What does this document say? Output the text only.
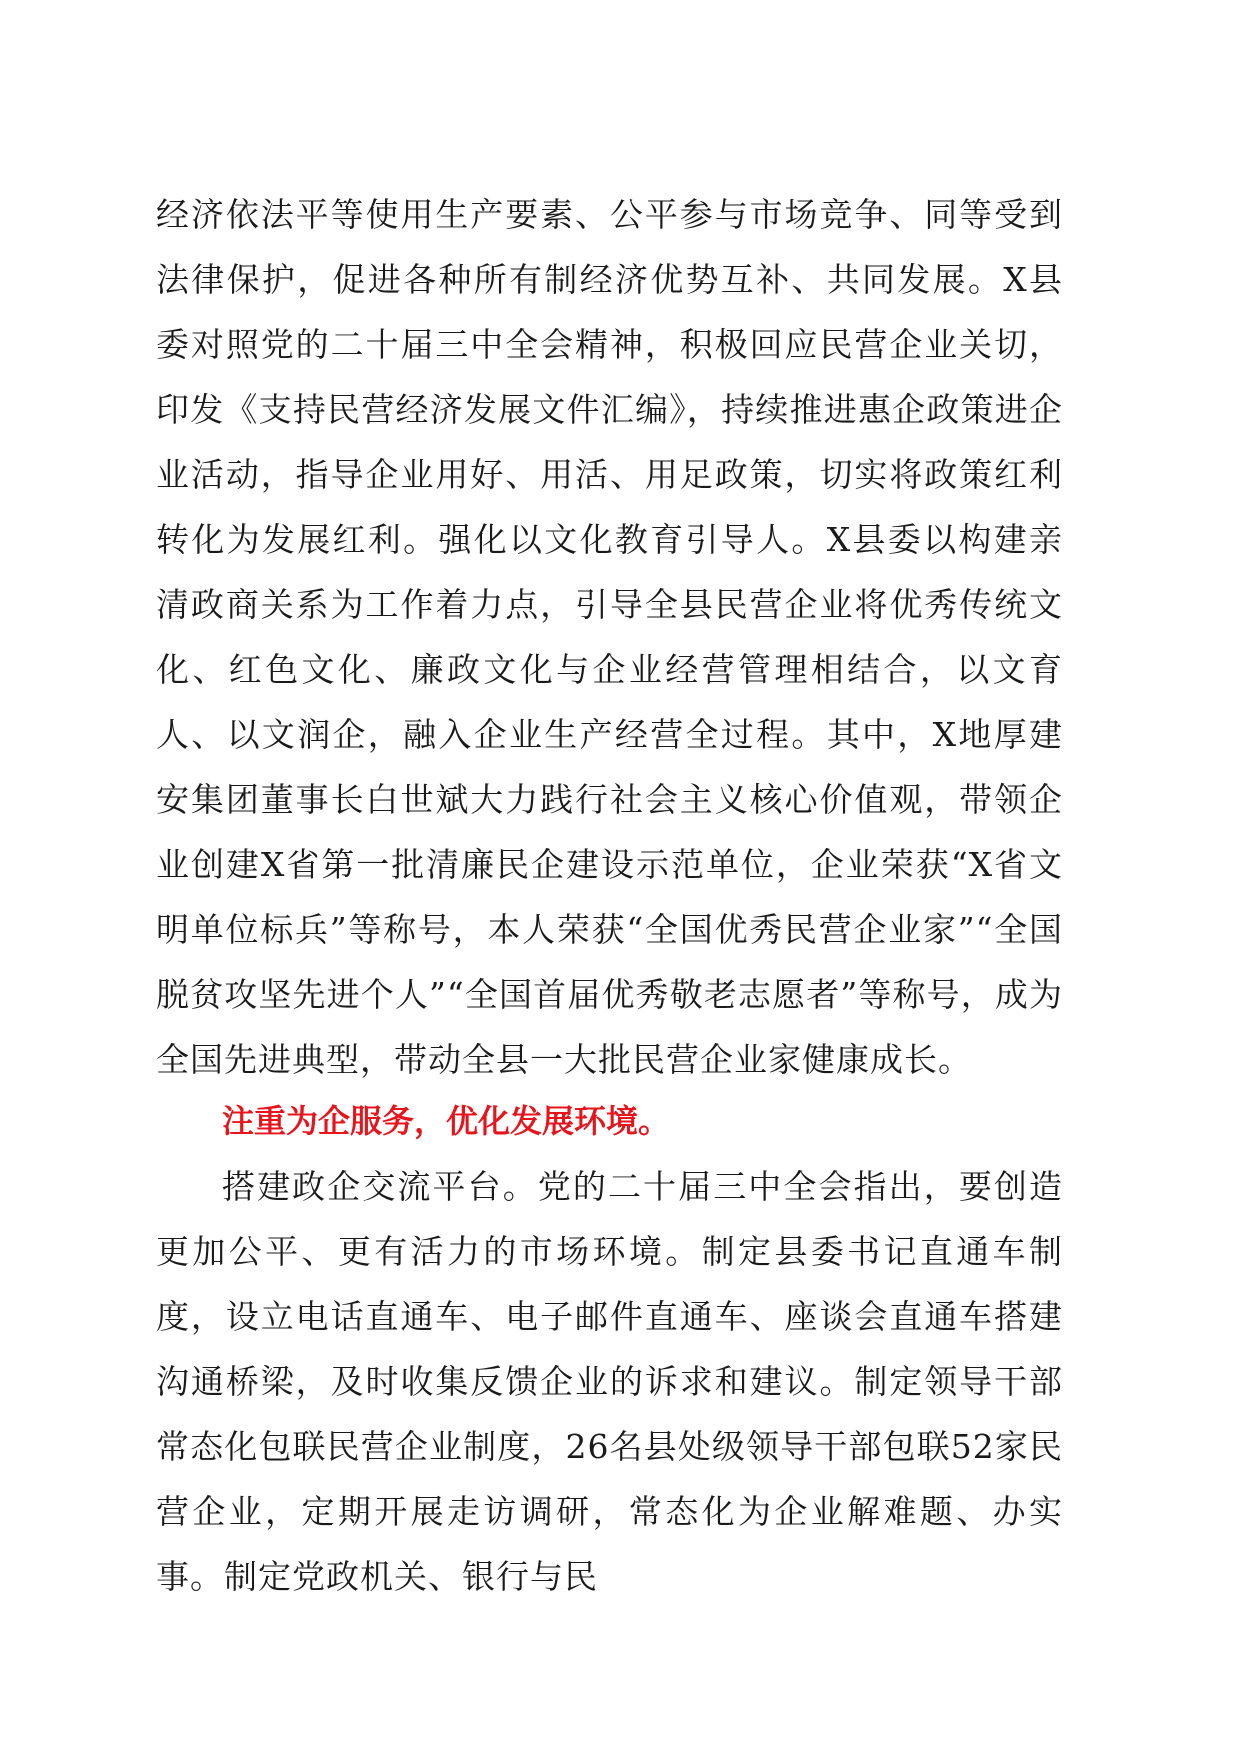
经济依法平等使用生产要素、公平参与市场竞争、同等受到法律保护，促进各种所有制经济优势互补、共同发展。X县委对照党的二十届三中全会精神，积极回应民营企业关切，印发《支持民营经济发展文件汇编》，持续推进惠企政策进企业活动，指导企业用好、用活、用足政策，切实将政策红利转化为发展红利。强化以文化教育引导人。X县委以构建亲清政商关系为工作着力点，引导全县民营企业将优秀传统文化、红色文化、廉政文化与企业经营管理相结合，以文育人、以文润企，融入企业生产经营全过程。其中，X地厚建安集团董事长白世斌大力践行社会主义核心价值观，带领企业创建X省第一批清廉民企建设示范单位，企业荣获“X省文明单位标兵”等称号，本人荣获“全国优秀民营企业家”“全国脱贫攻坚先进个人”“全国首届优秀敬老志愿者”等称号，成为全国先进典型，带动全县一大批民营企业家健康成长。

注重为企服务，优化发展环境。

搭建政企交流平台。党的二十届三中全会指出，要创造更加公平、更有活力的市场环境。制定县委书记直通车制度，设立电话直通车、电子邮件直通车、座谈会直通车搭建沟通桥梁，及时收集反馈企业的诉求和建议。制定领导干部常态化包联民营企业制度，26名县处级领导干部包联52家民营企业，定期开展走访调研，常态化为企业解难题、办实事。制定党政机关、银行与民
